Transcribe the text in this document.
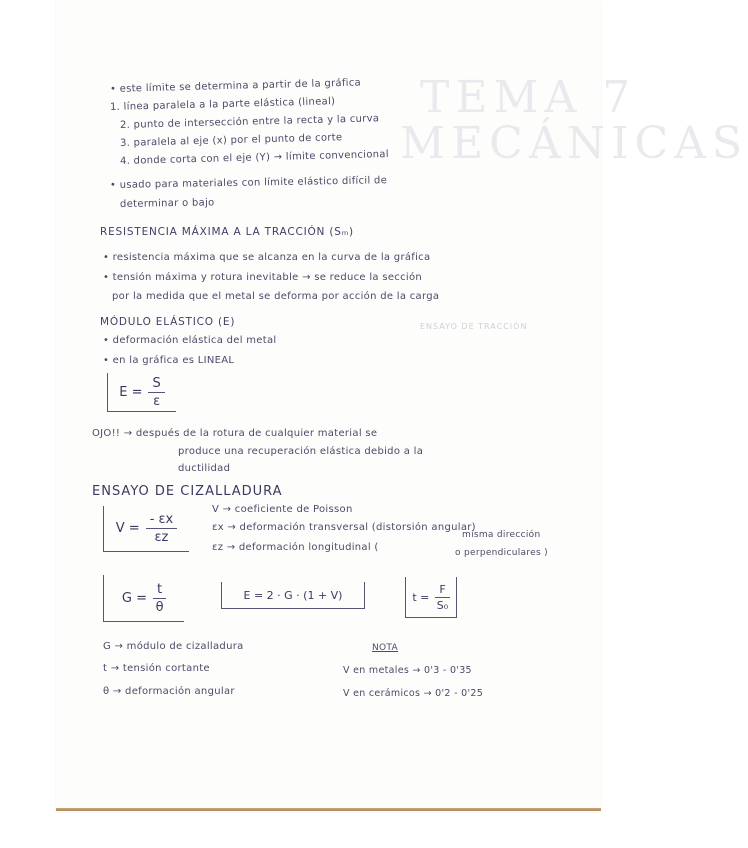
TEMA 7
MECÁNICAS
ENSAYO DE TRACCIÓN
• este límite se determina a partir de la gráfica
1. línea paralela a la parte elástica (lineal)
2. punto de intersección entre la recta y la curva
3. paralela al eje (x) por el punto de corte
4. donde corta con el eje (Y) → límite convencional
• usado para materiales con límite elástico difícil de
determinar o bajo
RESISTENCIA MÁXIMA A LA TRACCIÓN (Sₘ)
• resistencia máxima que se alcanza en la curva de la gráfica
• tensión máxima y rotura inevitable → se reduce la sección
por la medida que el metal se deforma por acción de la carga
MÓDULO ELÁSTICO (E)
• deformación elástica del metal
• en la gráfica es LINEAL
$E = \frac{S}{\varepsilon}$
OJO!! → después de la rotura de cualquier material se
produce una recuperación elástica debido a la
ductilidad
ENSAYO DE CIZALLADURA
$V = \frac{- \varepsilon x}{\varepsilon z}$
V → coeficiente de Poisson
εx → deformación transversal (distorsión angular)
misma dirección
εz → deformación longitudinal (	o perpendiculares )
$G = \frac{t}{\theta}$	E = 2 · G · (1 + V)	$t = \frac{F}{\text{S₀}}$
G → módulo de cizalladura
t → tensión cortante
θ → deformación angular
NOTA
V en metales → 0'3 - 0'35
V en cerámicos → 0'2 - 0'25
